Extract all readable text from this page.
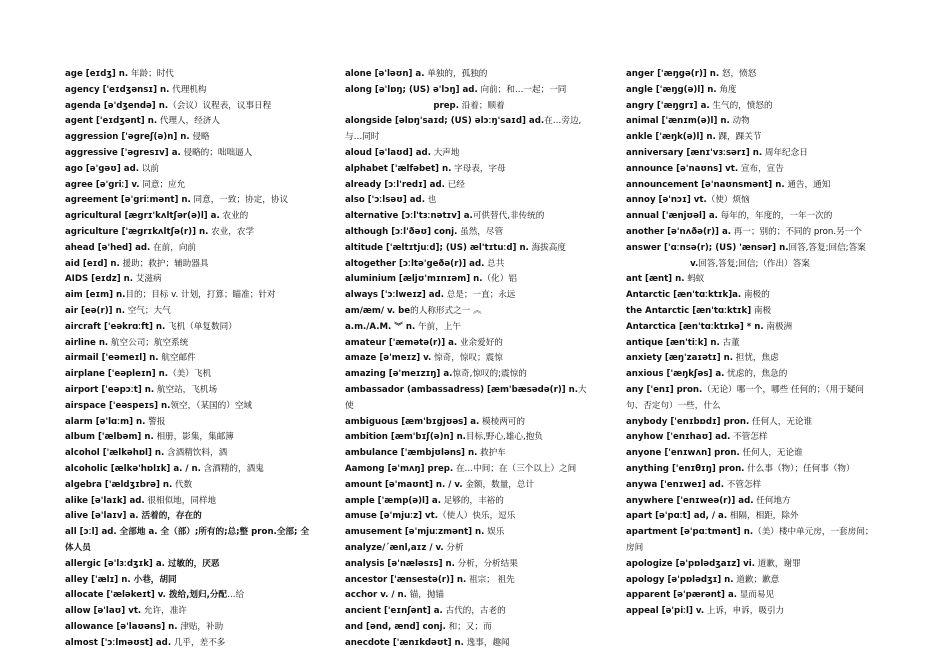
age [eɪdʒ] n. 年龄；时代
agency ['eɪdʒənsɪ] n. 代理机构
agenda [ə'dʒendə] n.（会议）议程表，议事日程
agent ['eɪdʒənt] n. 代理人，经济人
aggression ['əgreʃ(ə)n] n. 侵略
aggressive ['əgresɪv] a. 侵略的；咄咄逼人
ago [ə'gəʊ] ad. 以前
agree [ə'griː] v. 同意；应允
agreement [ə'griːmənt] n. 同意，一致；协定，协议
agricultural [ægrɪ'kʌltʃər(ə)l] a. 农业的
agriculture ['ægrɪkʌltʃə(r)] n. 农业，农学
ahead [ə'hed] ad. 在前，向前
aid [eɪd] n. 援助；救护；辅助器具
AIDS [eɪdz] n. 艾滋病
aim [eɪm] n.目的；目标 v. 计划，打算；瞄准；针对
air [eə(r)] n. 空气；大气
aircraft ['eəkrɑːft] n. 飞机（单复数同）
airline n. 航空公司；航空系统
airmail ['eəmeɪl] n. 航空邮件
airplane ['eəpleɪn] n.（美）飞机
airport ['eəpɔːt] n. 航空站，飞机场
airspace ['eəspeɪs] n.领空，（某国的）空域
alarm [ə'lɑːm] n. 警报
album ['ælbəm] n. 相册，影集，集邮簿
alcohol ['ælkəhɒl] n. 含酒精饮料，酒
alcoholic [ælkə'hɒlɪk] a. / n. 含酒精的，酒鬼
algebra ['ældʒɪbrə] n. 代数
alike [ə'laɪk] ad. 很相似地，同样地
alive [ə'laɪv] a. 活着的，存在的
all [ɔːl] ad. 全部地 a. 全（部）;所有的;总;整 pron.全部; 全体人员
allergic [ə'lɜːdʒɪk] a. 过敏的，厌恶
alley ['ælɪ] n. 小巷，胡同
allocate ['æləkeɪt] v. 拨给,划归,分配…给
allow [ə'laʊ] vt. 允许，准许
allowance [ə'laʊəns] n. 津贴，补助
almost ['ɔːlməʊst] ad. 几乎，差不多
alone [ə'ləʊn] a. 单独的，孤独的
along [ə'lɒŋ; (US) ə'lɔŋ] ad. 向前；和…一起；一同
prep. 沿着；顺着
alongside [əlɒŋ'saɪd; (US) əlɔːŋ'saɪd] ad.在…旁边,与…同时
aloud [ə'laʊd] ad. 大声地
alphabet ['ælfəbet] n. 字母表，字母
already [ɔːl'redɪ] ad. 已经
also ['ɔːlsəʊ] ad. 也
alternative [ɔːl'tɜːnətɪv] a.可供替代,非传统的
although [ɔːl'ðəʊ] conj. 虽然，尽管
altitude ['æltɪtjuːd]; (US) æl'tɪtuːd] n. 海拔高度
altogether [ɔːltə'geðə(r)] ad. 总共
aluminium [æljʊ'mɪnɪəm] n.（化）铝
always ['ɔːlweɪz] ad. 总是；一直；永远
am/æm/ v. be的人称形式之一 ︽
a.m./A.M. ︾ n. 午前，上午
amateur ['æmətə(r)] a. 业余爱好的
amaze [ə'meɪz] v. 惊奇，惊叹；震惊
amazing [ə'meɪzɪŋ] a.惊奇,惊叹的;震惊的
ambassador (ambassadress) [æm'bæsədə(r)] n.大使
ambiguous [æm'bɪgjʊəs] a. 模棱两可的
ambition [æm'bɪʃ(ə)n] n.目标,野心,雄心,抱负
ambulance ['æmbjʊləns] n. 救护车
Aamong [ə'mʌŋ] prep. 在…中间；在（三个以上）之间
amount [ə'maʊnt] n. / v. 金额，数量，总计
ample ['æmp(ə)l] a. 足够的，丰裕的
amuse [ə'mjuːz] vt.（使人）快乐，逗乐
amusement [ə'mjuːzmənt] n. 娱乐
analyze/ˊænl,aɪz / v. 分析
analysis [ə'næləsɪs] n. 分析，分析结果
ancestor ['ænsestə(r)] n. 祖宗； 祖先
acchor v. / n. 锚，抛锚
ancient ['eɪnʃənt] a. 古代的，古老的
and [ənd, ænd] conj. 和；又；而
anecdote ['ænɪkdəʊt] n. 逸事，趣闻
anger ['æŋgə(r)] n. 怒，愤怒
angle ['æŋg(ə)l] n. 角度
angry ['æŋgrɪ] a. 生气的，愤怒的
animal ['ænɪm(ə)l] n. 动物
ankle ['æŋk(ə)l] n. 踝，踝关节
anniversary [ænɪ'vɜːsərɪ] n. 周年纪念日
announce [ə'naʊns] vt. 宣布，宣告
announcement [ə'naʊnsmənt] n. 通告，通知
annoy [ə'nɔɪ] vt.（使）烦恼
annual ['ænjʊəl] a. 每年的，年度的，一年一次的
another [ə'nʌðə(r)] a. 再一；别的；不同的 pron.另一个
answer ['ɑːnsə(r); (US) 'ænsər] n.回答,答复;回信;答案
v.回答,答复;回信;（作出）答案
ant [ænt] n. 蚂蚁
Antarctic [æn'tɑːktɪk]a. 南极的
the Antarctic [æn'tɑːktɪk] 南极
Antarctica [æn'tɑːktɪkə] * n. 南极洲
antique [æn'tiːk] n. 古董
anxiety [æŋ'zaɪətɪ] n. 担忧，焦虑
anxious ['æŋkʃəs] a. 忧虑的，焦急的
any ['enɪ] pron.（无论）哪一个，哪些 任何的；（用于疑问句、否定句）一些，什么
anybody ['enɪbɒdɪ] pron. 任何人，无论谁
anyhow ['enɪhaʊ] ad. 不管怎样
anyone ['enɪwʌn] pron. 任何人，无论谁
anything ['enɪθɪŋ] pron. 什么事（物）；任何事（物）
anywa ['enɪweɪ] ad. 不管怎样
anywhere ['enɪweə(r)] ad. 任何地方
apart [ə'pɑːt] ad, / a. 相隔，相距，除外
apartment [ə'pɑːtmənt] n.（美）楼中单元房，一套房间；房间
apologize [ə'pɒlədʒaɪz] vi. 道歉，谢罪
apology [ə'pɒlədʒɪ] n. 道歉；歉意
apparent [ə'pærənt] a. 显而易见
appeal [ə'piːl] v. 上诉，申诉，吸引力
